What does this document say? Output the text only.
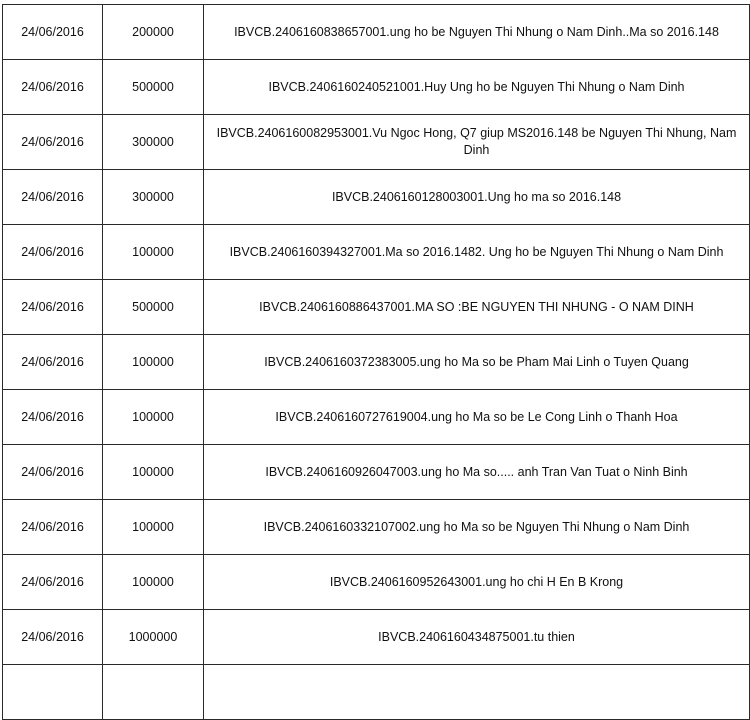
24/06/2016	200000	IBVCB.2406160838657001.ung ho be Nguyen Thi Nhung o Nam Dinh..Ma so 2016.148
24/06/2016	500000	IBVCB.2406160240521001.Huy Ung ho be Nguyen Thi Nhung o Nam Dinh
24/06/2016	300000	IBVCB.2406160082953001.Vu Ngoc Hong, Q7 giup MS2016.148 be Nguyen Thi Nhung, Nam Dinh
24/06/2016	300000	IBVCB.2406160128003001.Ung ho ma so 2016.148
24/06/2016	100000	IBVCB.2406160394327001.Ma so 2016.1482. Ung ho be Nguyen Thi Nhung o Nam Dinh
24/06/2016	500000	IBVCB.2406160886437001.MA SO :BE NGUYEN THI NHUNG - O NAM DINH
24/06/2016	100000	IBVCB.2406160372383005.ung ho Ma so be Pham Mai Linh o Tuyen Quang
24/06/2016	100000	IBVCB.2406160727619004.ung ho Ma so be Le Cong Linh o Thanh Hoa
24/06/2016	100000	IBVCB.2406160926047003.ung ho Ma so..... anh Tran Van Tuat o Ninh Binh
24/06/2016	100000	IBVCB.2406160332107002.ung ho Ma so be Nguyen Thi Nhung o Nam Dinh
24/06/2016	100000	IBVCB.2406160952643001.ung ho chi H En B Krong
24/06/2016	1000000	IBVCB.2406160434875001.tu thien
